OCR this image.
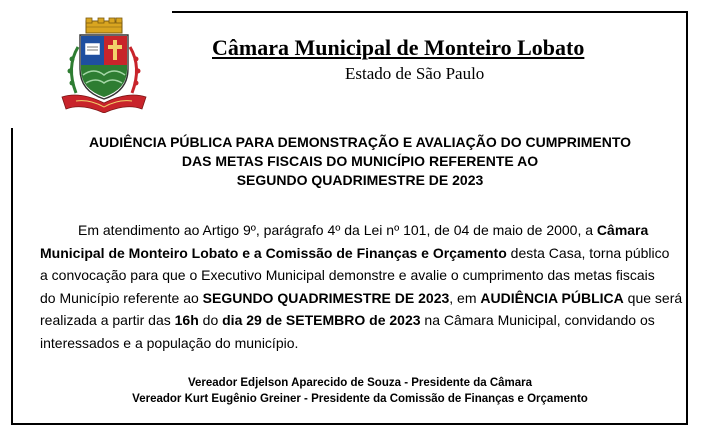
Câmara Municipal de Monteiro Lobato
Estado de São Paulo
AUDIÊNCIA PÚBLICA PARA DEMONSTRAÇÃO E AVALIAÇÃO DO CUMPRIMENTO
DAS METAS FISCAIS DO MUNICÍPIO REFERENTE AO
SEGUNDO QUADRIMESTRE DE 2023
Em atendimento ao Artigo 9º, parágrafo 4º da Lei nº 101, de 04 de maio de 2000, a Câmara
Municipal de Monteiro Lobato e a Comissão de Finanças e Orçamento desta Casa, torna público
a convocação para que o Executivo Municipal demonstre e avalie o cumprimento das metas fiscais
do Município referente ao SEGUNDO QUADRIMESTRE DE 2023, em AUDIÊNCIA PÚBLICA que será
realizada a partir das 16h do dia 29 de SETEMBRO de 2023 na Câmara Municipal, convidando os
interessados e a população do município.
Vereador Edjelson Aparecido de Souza - Presidente da Câmara
Vereador Kurt Eugênio Greiner - Presidente da Comissão de Finanças e Orçamento
